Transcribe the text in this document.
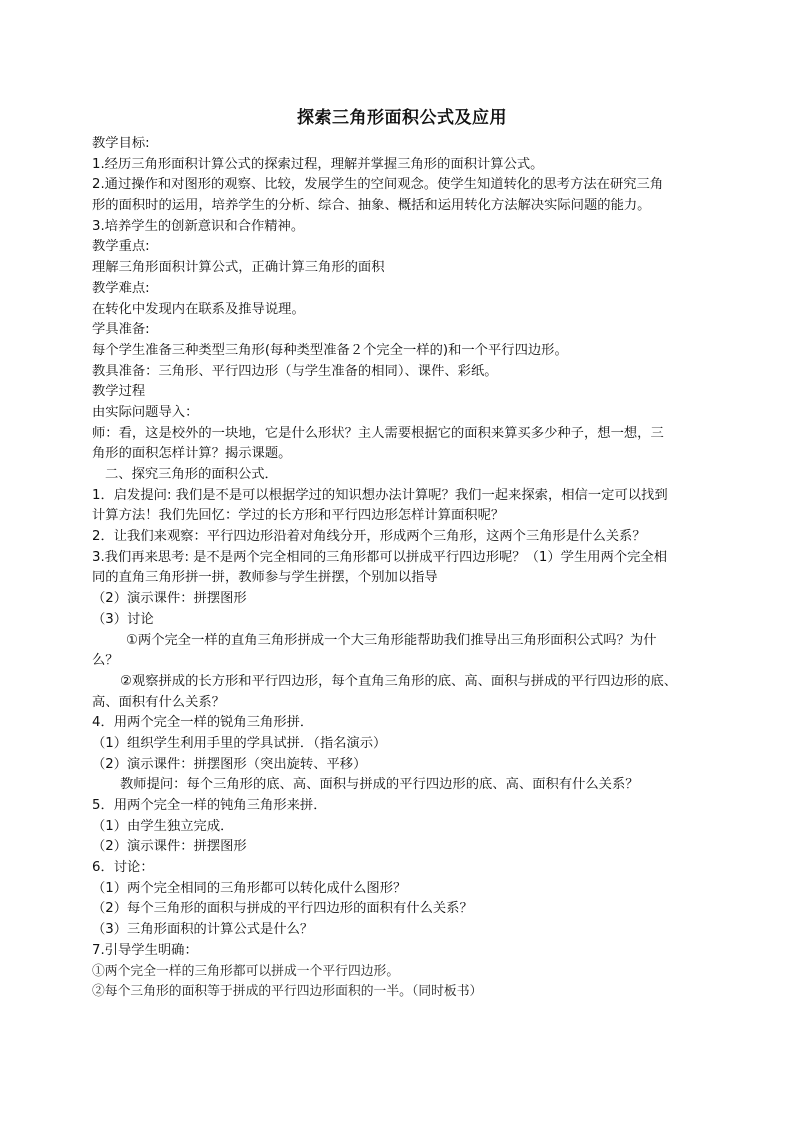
探索三角形面积公式及应用
教学目标:
1.经历三角形面积计算公式的探索过程，理解并掌握三角形的面积计算公式。
2.通过操作和对图形的观察、比较，发展学生的空间观念。使学生知道转化的思考方法在研究三角
形的面积时的运用，培养学生的分析、综合、抽象、概括和运用转化方法解决实际问题的能力。
3.培养学生的创新意识和合作精神。
教学重点:
理解三角形面积计算公式，正确计算三角形的面积
教学难点:
在转化中发现内在联系及推导说理。
学具准备:
每个学生准备三种类型三角形(每种类型准备２个完全一样的)和一个平行四边形。
教具准备：三角形、平行四边形（与学生准备的相同）、课件、彩纸。
教学过程
由实际问题导入：
师：看，这是校外的一块地，它是什么形状？主人需要根据它的面积来算买多少种子，想一想，三
角形的面积怎样计算？揭示课题。
二、探究三角形的面积公式．
1．启发提问: 我们是不是可以根据学过的知识想办法计算呢？我们一起来探索，相信一定可以找到
计算方法！我们先回忆：学过的长方形和平行四边形怎样计算面积呢？
2．让我们来观察：平行四边形沿着对角线分开，形成两个三角形，这两个三角形是什么关系？
3.我们再来思考: 是不是两个完全相同的三角形都可以拼成平行四边形呢？（1）学生用两个完全相
同的直角三角形拼一拼，教师参与学生拼摆，个别加以指导
（2）演示课件：拼摆图形
（3）讨论
①两个完全一样的直角三角形拼成一个大三角形能帮助我们推导出三角形面积公式吗？为什
么？
②观察拼成的长方形和平行四边形，每个直角三角形的底、高、面积与拼成的平行四边形的底、
高、面积有什么关系？
4．用两个完全一样的锐角三角形拼．
（1）组织学生利用手里的学具试拼．（指名演示）
（2）演示课件：拼摆图形（突出旋转、平移）
教师提问：每个三角形的底、高、面积与拼成的平行四边形的底、高、面积有什么关系？
5．用两个完全一样的钝角三角形来拼．
（1）由学生独立完成．
（2）演示课件：拼摆图形
6．讨论：
（1）两个完全相同的三角形都可以转化成什么图形？
（2）每个三角形的面积与拼成的平行四边形的面积有什么关系？
（3）三角形面积的计算公式是什么？
7.引导学生明确：
①两个完全一样的三角形都可以拼成一个平行四边形。
②每个三角形的面积等于拼成的平行四边形面积的一半。（同时板书）
